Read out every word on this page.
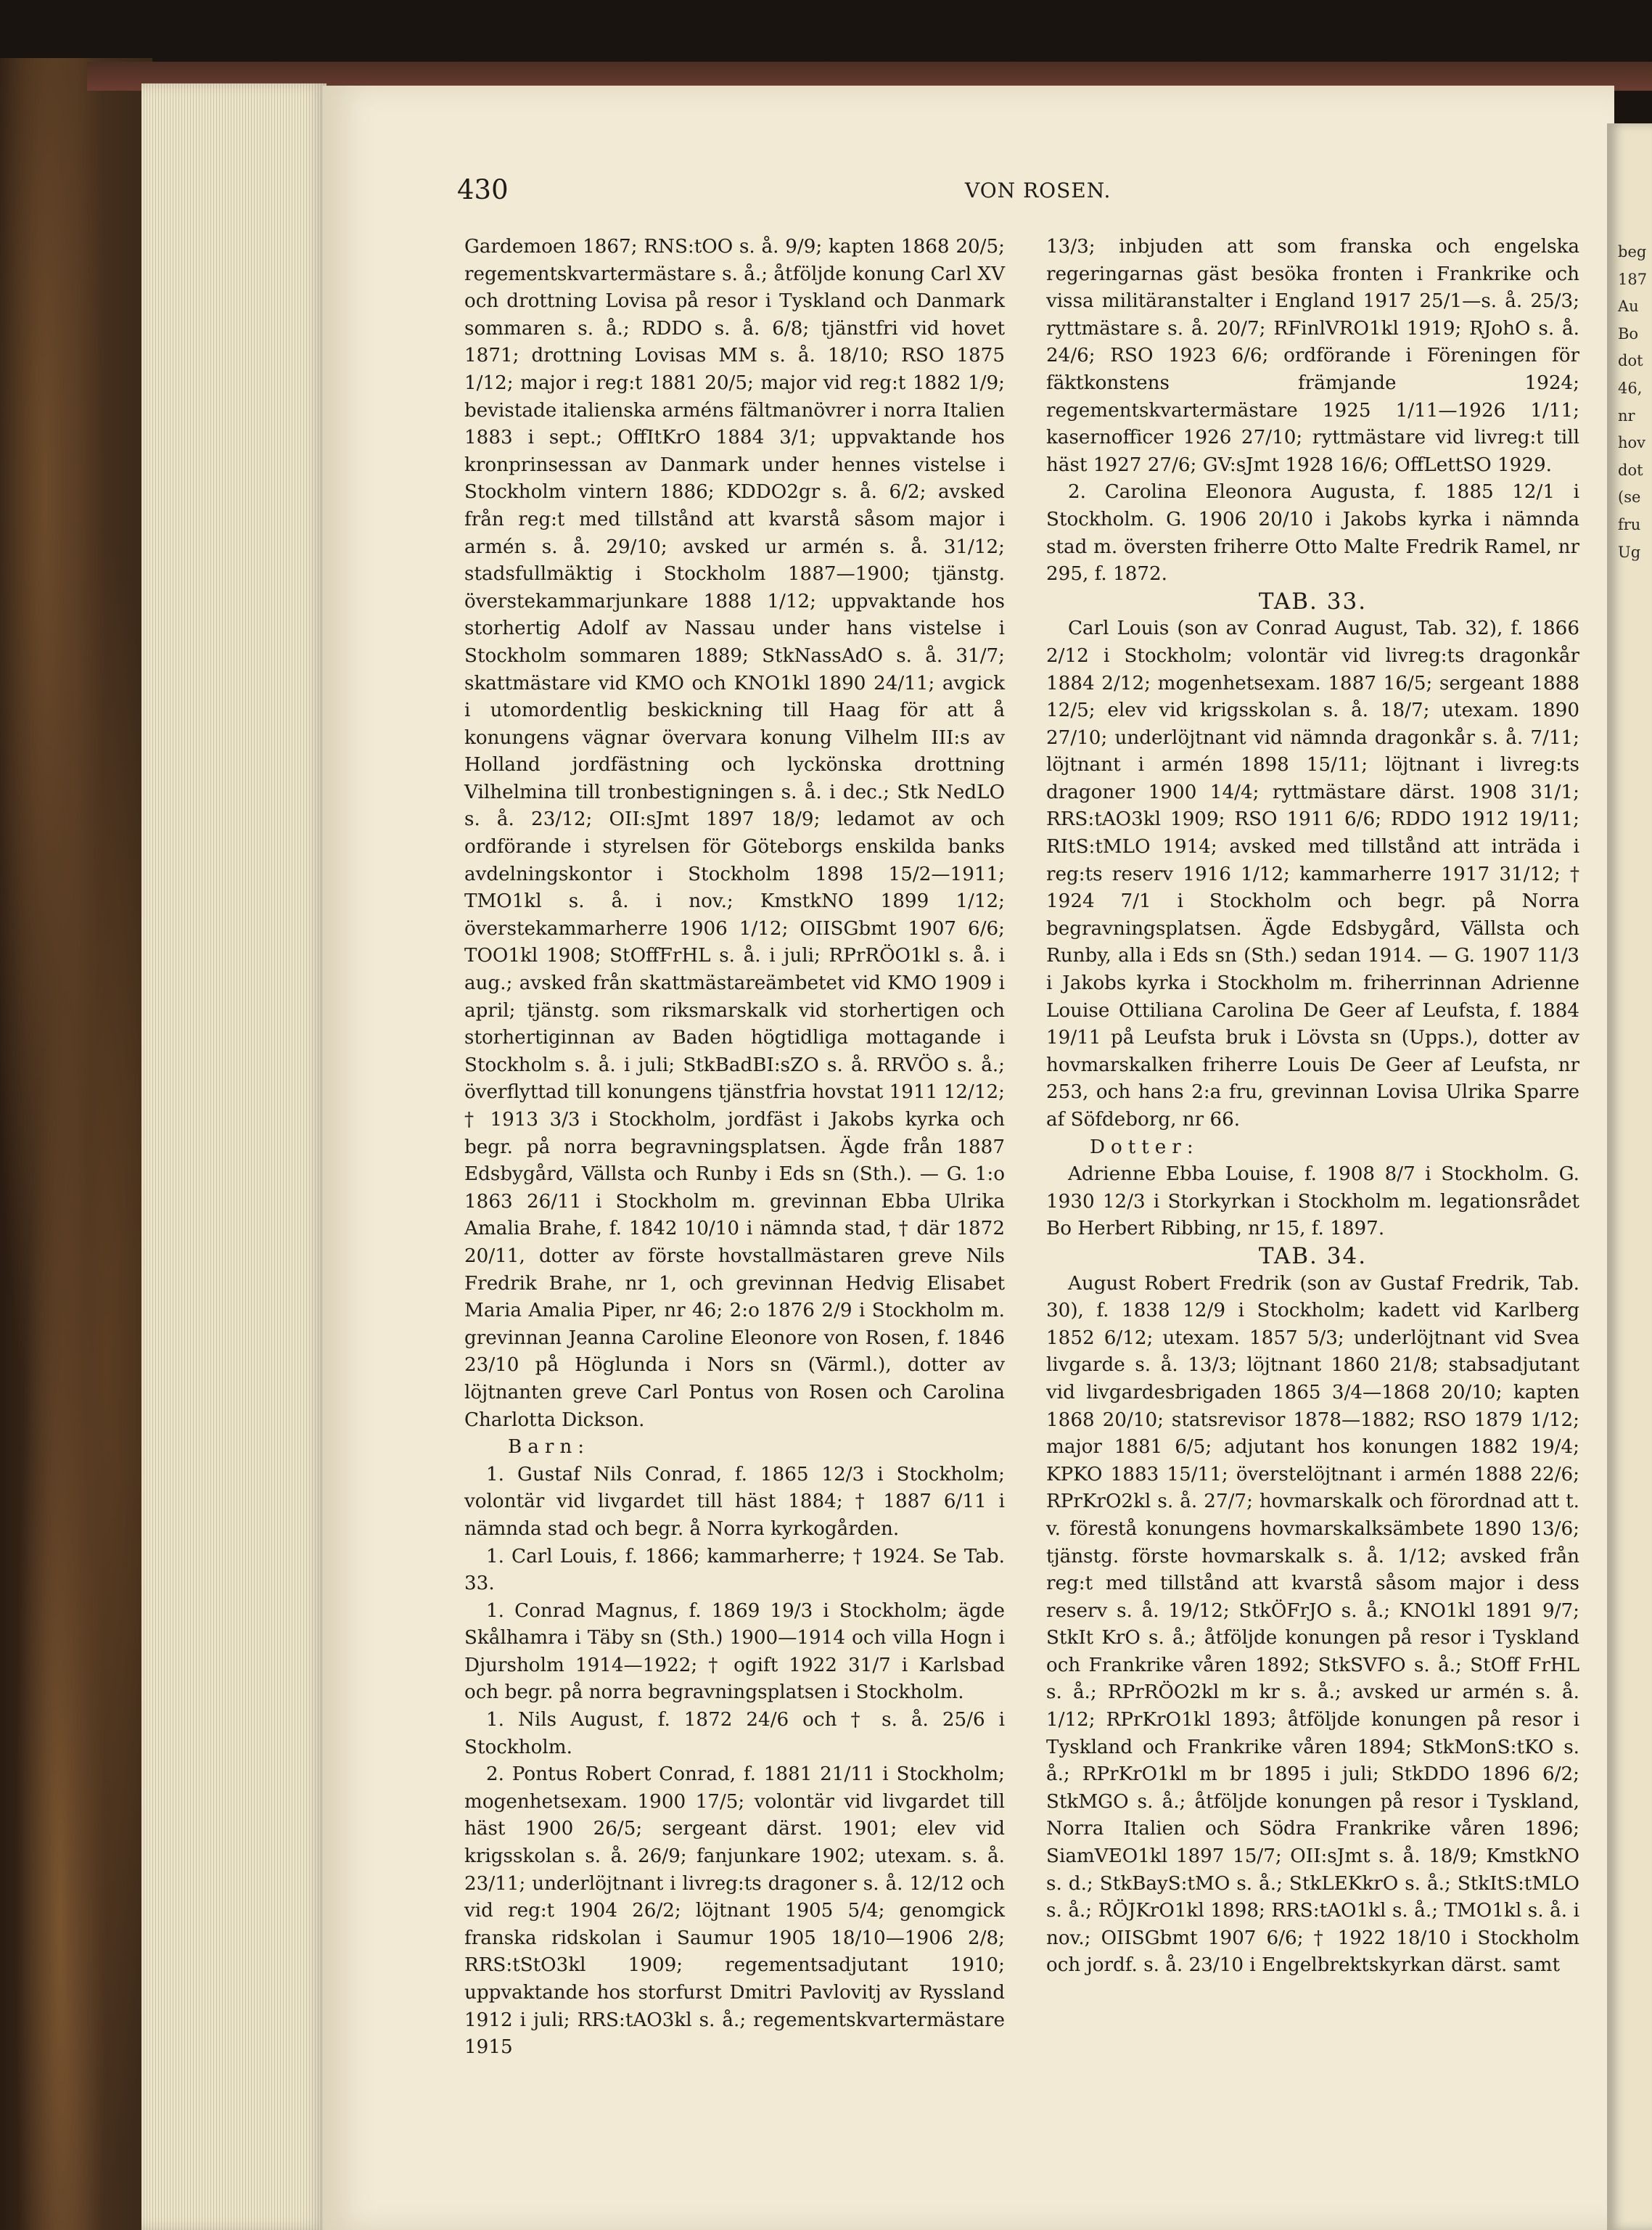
beg
187
Au
Bo
dot
46,
nr
hov
dot
(se
fru
Ug
430	VON ROSEN.

Gardemoen 1867; RNS:tOO s. å. 9/9; kapten 1868 20/5; regementskvartermästare s. å.; åtföljde konung Carl XV och drottning Lovisa på resor i Tyskland och Danmark sommaren s. å.; RDDO s. å. 6/8; tjänstfri vid hovet 1871; drottning Lovisas MM s. å. 18/10; RSO 1875 1/12; major i reg:t 1881 20/5; major vid reg:t 1882 1/9; bevistade italienska arméns fältmanövrer i norra Italien 1883 i sept.; OffItKrO 1884 3/1; uppvaktande hos kronprinsessan av Danmark under hennes vistelse i Stockholm vintern 1886; KDDO2gr s. å. 6/2; avsked från reg:t med tillstånd att kvarstå såsom major i armén s. å. 29/10; avsked ur armén s. å. 31/12; stadsfullmäktig i Stockholm 1887—1900; tjänstg. överstekammarjunkare 1888 1/12; uppvaktande hos storhertig Adolf av Nassau under hans vistelse i Stockholm sommaren 1889; StkNassAdO s. å. 31/7; skattmästare vid KMO och KNO1kl 1890 24/11; avgick i utomordentlig beskickning till Haag för att å konungens vägnar övervara konung Vilhelm III:s av Holland jordfästning och lyckönska drottning Vilhelmina till tronbestigningen s. å. i dec.; Stk NedLO s. å. 23/12; OII:sJmt 1897 18/9; ledamot av och ordförande i styrelsen för Göteborgs enskilda banks avdelningskontor i Stockholm 1898 15/2—1911; TMO1kl s. å. i nov.; KmstkNO 1899 1/12; överstekammarherre 1906 1/12; OIISGbmt 1907 6/6; TOO1kl 1908; StOffFrHL s. å. i juli; RPrRÖO1kl s. å. i aug.; avsked från skattmästareämbetet vid KMO 1909 i april; tjänstg. som riksmarskalk vid storhertigen och storhertiginnan av Baden högtidliga mottagande i Stockholm s. å. i juli; StkBadBI:sZO s. å. RRVÖO s. å.; överflyttad till konungens tjänstfria hovstat 1911 12/12; † 1913 3/3 i Stockholm, jordfäst i Jakobs kyrka och begr. på norra begravningsplatsen. Ägde från 1887 Edsbygård, Vällsta och Runby i Eds sn (Sth.). — G. 1:o 1863 26/11 i Stockholm m. grevinnan Ebba Ulrika Amalia Brahe, f. 1842 10/10 i nämnda stad, † där 1872 20/11, dotter av förste hovstallmästaren greve Nils Fredrik Brahe, nr 1, och grevinnan Hedvig Elisabet Maria Amalia Piper, nr 46; 2:o 1876 2/9 i Stockholm m. grevinnan Jeanna Caroline Eleonore von Rosen, f. 1846 23/10 på Höglunda i Nors sn (Värml.), dotter av löjtnanten greve Carl Pontus von Rosen och Carolina Charlotta Dickson.

Barn:

1. Gustaf Nils Conrad, f. 1865 12/3 i Stockholm; volontär vid livgardet till häst 1884; † 1887 6/11 i nämnda stad och begr. å Norra kyrkogården.

1. Carl Louis, f. 1866; kammarherre; † 1924. Se Tab. 33.

1. Conrad Magnus, f. 1869 19/3 i Stockholm; ägde Skålhamra i Täby sn (Sth.) 1900—1914 och villa Hogn i Djursholm 1914—1922; † ogift 1922 31/7 i Karlsbad och begr. på norra begravningsplatsen i Stockholm.

1. Nils August, f. 1872 24/6 och † s. å. 25/6 i Stockholm.

2. Pontus Robert Conrad, f. 1881 21/11 i Stockholm; mogenhetsexam. 1900 17/5; volontär vid livgardet till häst 1900 26/5; sergeant därst. 1901; elev vid krigsskolan s. å. 26/9; fanjunkare 1902; utexam. s. å. 23/11; underlöjtnant i livreg:ts dragoner s. å. 12/12 och vid reg:t 1904 26/2; löjtnant 1905 5/4; genomgick franska ridskolan i Saumur 1905 18/10—1906 2/8; RRS:tStO3kl 1909; regementsadjutant 1910; uppvaktande hos storfurst Dmitri Pavlovitj av Ryssland 1912 i juli; RRS:tAO3kl s. å.; regementskvartermästare 1915

13/3; inbjuden att som franska och engelska regeringarnas gäst besöka fronten i Frankrike och vissa militäranstalter i England 1917 25/1—s. å. 25/3; ryttmästare s. å. 20/7; RFinlVRO1kl 1919; RJohO s. å. 24/6; RSO 1923 6/6; ordförande i Föreningen för fäktkonstens främjande 1924; regementskvartermästare 1925 1/11—1926 1/11; kasernofficer 1926 27/10; ryttmästare vid livreg:t till häst 1927 27/6; GV:sJmt 1928 16/6; OffLettSO 1929.

2. Carolina Eleonora Augusta, f. 1885 12/1 i Stockholm. G. 1906 20/10 i Jakobs kyrka i nämnda stad m. översten friherre Otto Malte Fredrik Ramel, nr 295, f. 1872.

TAB. 33.

Carl Louis (son av Conrad August, Tab. 32), f. 1866 2/12 i Stockholm; volontär vid livreg:ts dragonkår 1884 2/12; mogenhetsexam. 1887 16/5; sergeant 1888 12/5; elev vid krigsskolan s. å. 18/7; utexam. 1890 27/10; underlöjtnant vid nämnda dragonkår s. å. 7/11; löjtnant i armén 1898 15/11; löjtnant i livreg:ts dragoner 1900 14/4; ryttmästare därst. 1908 31/1; RRS:tAO3kl 1909; RSO 1911 6/6; RDDO 1912 19/11; RItS:tMLO 1914; avsked med tillstånd att inträda i reg:ts reserv 1916 1/12; kammarherre 1917 31/12; † 1924 7/1 i Stockholm och begr. på Norra begravningsplatsen. Ägde Edsbygård, Vällsta och Runby, alla i Eds sn (Sth.) sedan 1914. — G. 1907 11/3 i Jakobs kyrka i Stockholm m. friherrinnan Adrienne Louise Ottiliana Carolina De Geer af Leufsta, f. 1884 19/11 på Leufsta bruk i Lövsta sn (Upps.), dotter av hovmarskalken friherre Louis De Geer af Leufsta, nr 253, och hans 2:a fru, grevinnan Lovisa Ulrika Sparre af Söfdeborg, nr 66.

Dotter:

Adrienne Ebba Louise, f. 1908 8/7 i Stockholm. G. 1930 12/3 i Storkyrkan i Stockholm m. legationsrådet Bo Herbert Ribbing, nr 15, f. 1897.

TAB. 34.

August Robert Fredrik (son av Gustaf Fredrik, Tab. 30), f. 1838 12/9 i Stockholm; kadett vid Karlberg 1852 6/12; utexam. 1857 5/3; underlöjtnant vid Svea livgarde s. å. 13/3; löjtnant 1860 21/8; stabsadjutant vid livgardesbrigaden 1865 3/4—1868 20/10; kapten 1868 20/10; statsrevisor 1878—1882; RSO 1879 1/12; major 1881 6/5; adjutant hos konungen 1882 19/4; KPKO 1883 15/11; överstelöjtnant i armén 1888 22/6; RPrKrO2kl s. å. 27/7; hovmarskalk och förordnad att t. v. förestå konungens hovmarskalksämbete 1890 13/6; tjänstg. förste hovmarskalk s. å. 1/12; avsked från reg:t med tillstånd att kvarstå såsom major i dess reserv s. å. 19/12; StkÖFrJO s. å.; KNO1kl 1891 9/7; StkIt KrO s. å.; åtföljde konungen på resor i Tyskland och Frankrike våren 1892; StkSVFO s. å.; StOff FrHL s. å.; RPrRÖO2kl m kr s. å.; avsked ur armén s. å. 1/12; RPrKrO1kl 1893; åtföljde konungen på resor i Tyskland och Frankrike våren 1894; StkMonS:tKO s. å.; RPrKrO1kl m br 1895 i juli; StkDDO 1896 6/2; StkMGO s. å.; åtföljde konungen på resor i Tyskland, Norra Italien och Södra Frankrike våren 1896; SiamVEO1kl 1897 15/7; OII:sJmt s. å. 18/9; KmstkNO s. d.; StkBayS:tMO s. å.; StkLEKkrO s. å.; StkItS:tMLO s. å.; RÖJKrO1kl 1898; RRS:tAO1kl s. å.; TMO1kl s. å. i nov.; OIISGbmt 1907 6/6; † 1922 18/10 i Stockholm och jordf. s. å. 23/10 i Engelbrektskyrkan därst. samt
